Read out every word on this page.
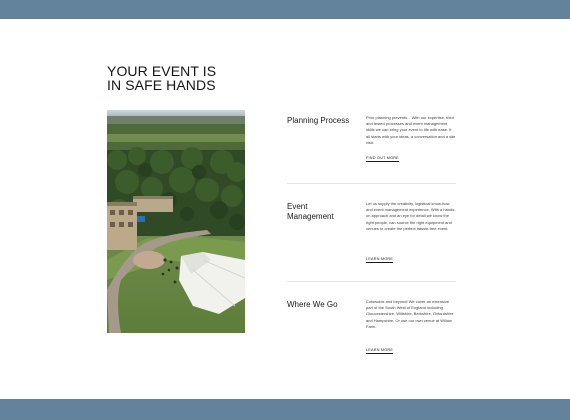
YOUR EVENT IS
IN SAFE HANDS
Planning Process	Prior planning prevents... With our expertise, tried and tested processes and event management skills we can bring your event to life with ease. It all starts with your ideas, a conversation and a site visit.
FIND OUT MORE
Event Management
Let us supply the creativity, logistical know-how and event management experience. With a hands-on approach and an eye for detail we know the right people, can source the right equipment and venues to create the perfect hassle-free event.
LEARN MORE
Where We Go	Cotswolds and beyond! We cover an extensive part of the South West of England including Gloucestershire, Wiltshire, Berkshire, Oxfordshire and Hampshire. Or use our own venue at Willow Farm.
LEARN MORE
